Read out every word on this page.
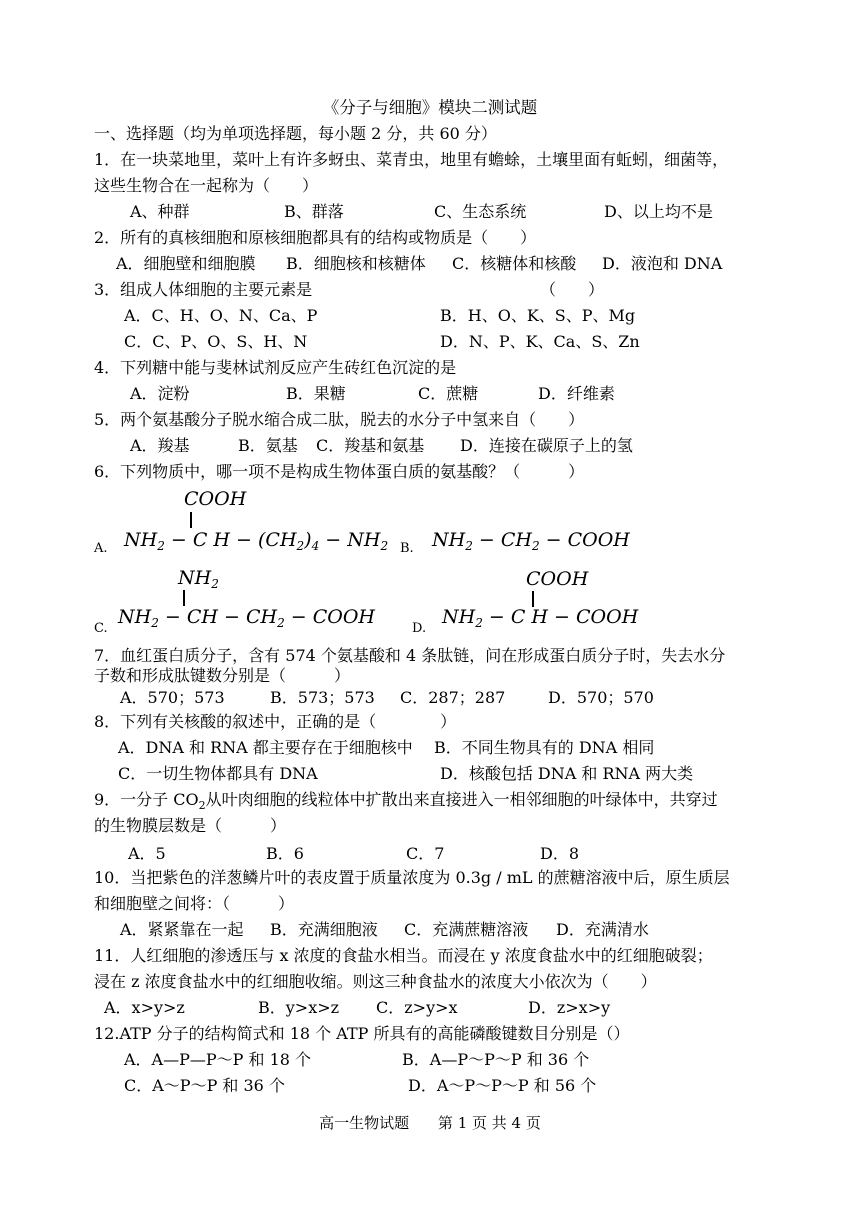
《分子与细胞》模块二测试题
一、选择题（均为单项选择题，每小题 2 分，共 60 分）
1．在一块菜地里，菜叶上有许多蚜虫、菜青虫，地里有蟾蜍，土壤里面有蚯蚓，细菌等，
这些生物合在一起称为（　　）
A、种群	B、群落	C、生态系统	D、以上均不是
2．所有的真核细胞和原核细胞都具有的结构或物质是（　　）
A．细胞壁和细胞膜 B．细胞核和核糖体 C．核糖体和核酸 D．液泡和 DNA
3．组成人体细胞的主要元素是	（　　）
A．C、H、O、N、Ca、P	B．H、O、K、S、P、Mg
C．C、P、O、S、H、N	D．N、P、K、Ca、S、Zn
4．下列糖中能与斐林试剂反应产生砖红色沉淀的是
A．淀粉	B．果糖	C．蔗糖	D．纤维素
5．两个氨基酸分子脱水缩合成二肽，脱去的水分子中氢来自（　　）
A．羧基	B．氨基 C．羧基和氨基 D．连接在碳原子上的氢
6．下列物质中，哪一项不是构成生物体蛋白质的氨基酸？（　　　）
COOH
$NH_2 - C$ $H - (CH_2)_4 - NH_2$
A.	$NH_2 - CH_2$ − COOH
B.
$NH_2$
$NH_2$ − CH − $CH_2$ − COOH
C.
COOH
$NH_2 - C$ H − COOH
D.
7．血红蛋白质分子，含有 574 个氨基酸和 4 条肽链，问在形成蛋白质分子时，失去水分
子数和形成肽键数分别是（　　　）
A．570；573	B．573；573 C．287；287	D．570；570
8．下列有关核酸的叙述中，正确的是（　　　　）
A．DNA 和 RNA 都主要存在于细胞核中 B．不同生物具有的 DNA 相同
C．一切生物体都具有 DNA	D．核酸包括 DNA 和 RNA 两大类
9．一分子 $CO_2$从叶肉细胞的线粒体中扩散出来直接进入一相邻细胞的叶绿体中，共穿过
的生物膜层数是（　　　）
A．5	B．6	C．7	D．8
10．当把紫色的洋葱鳞片叶的表皮置于质量浓度为 0.3g / mL 的蔗糖溶液中后，原生质层
和细胞壁之间将：（　　　）
A．紧紧靠在一起 B．充满细胞液 C．充满蔗糖溶液 D．充满清水
11．人红细胞的渗透压与 x 浓度的食盐水相当。而浸在 y 浓度食盐水中的红细胞破裂；
浸在 z 浓度食盐水中的红细胞收缩。则这三种食盐水的浓度大小依次为（　　）
A．x>y>z	B．y>x>z C．z>y>x	D．z>x>y
12.ATP 分子的结构简式和 18 个 ATP 所具有的高能磷酸键数目分别是（）
A．A—P—P～P 和 18 个	B．A—P～P～P 和 36 个
C．A～P～P 和 36 个	D．A～P～P～P 和 56 个
高一生物试题 第 1 页 共 4 页
